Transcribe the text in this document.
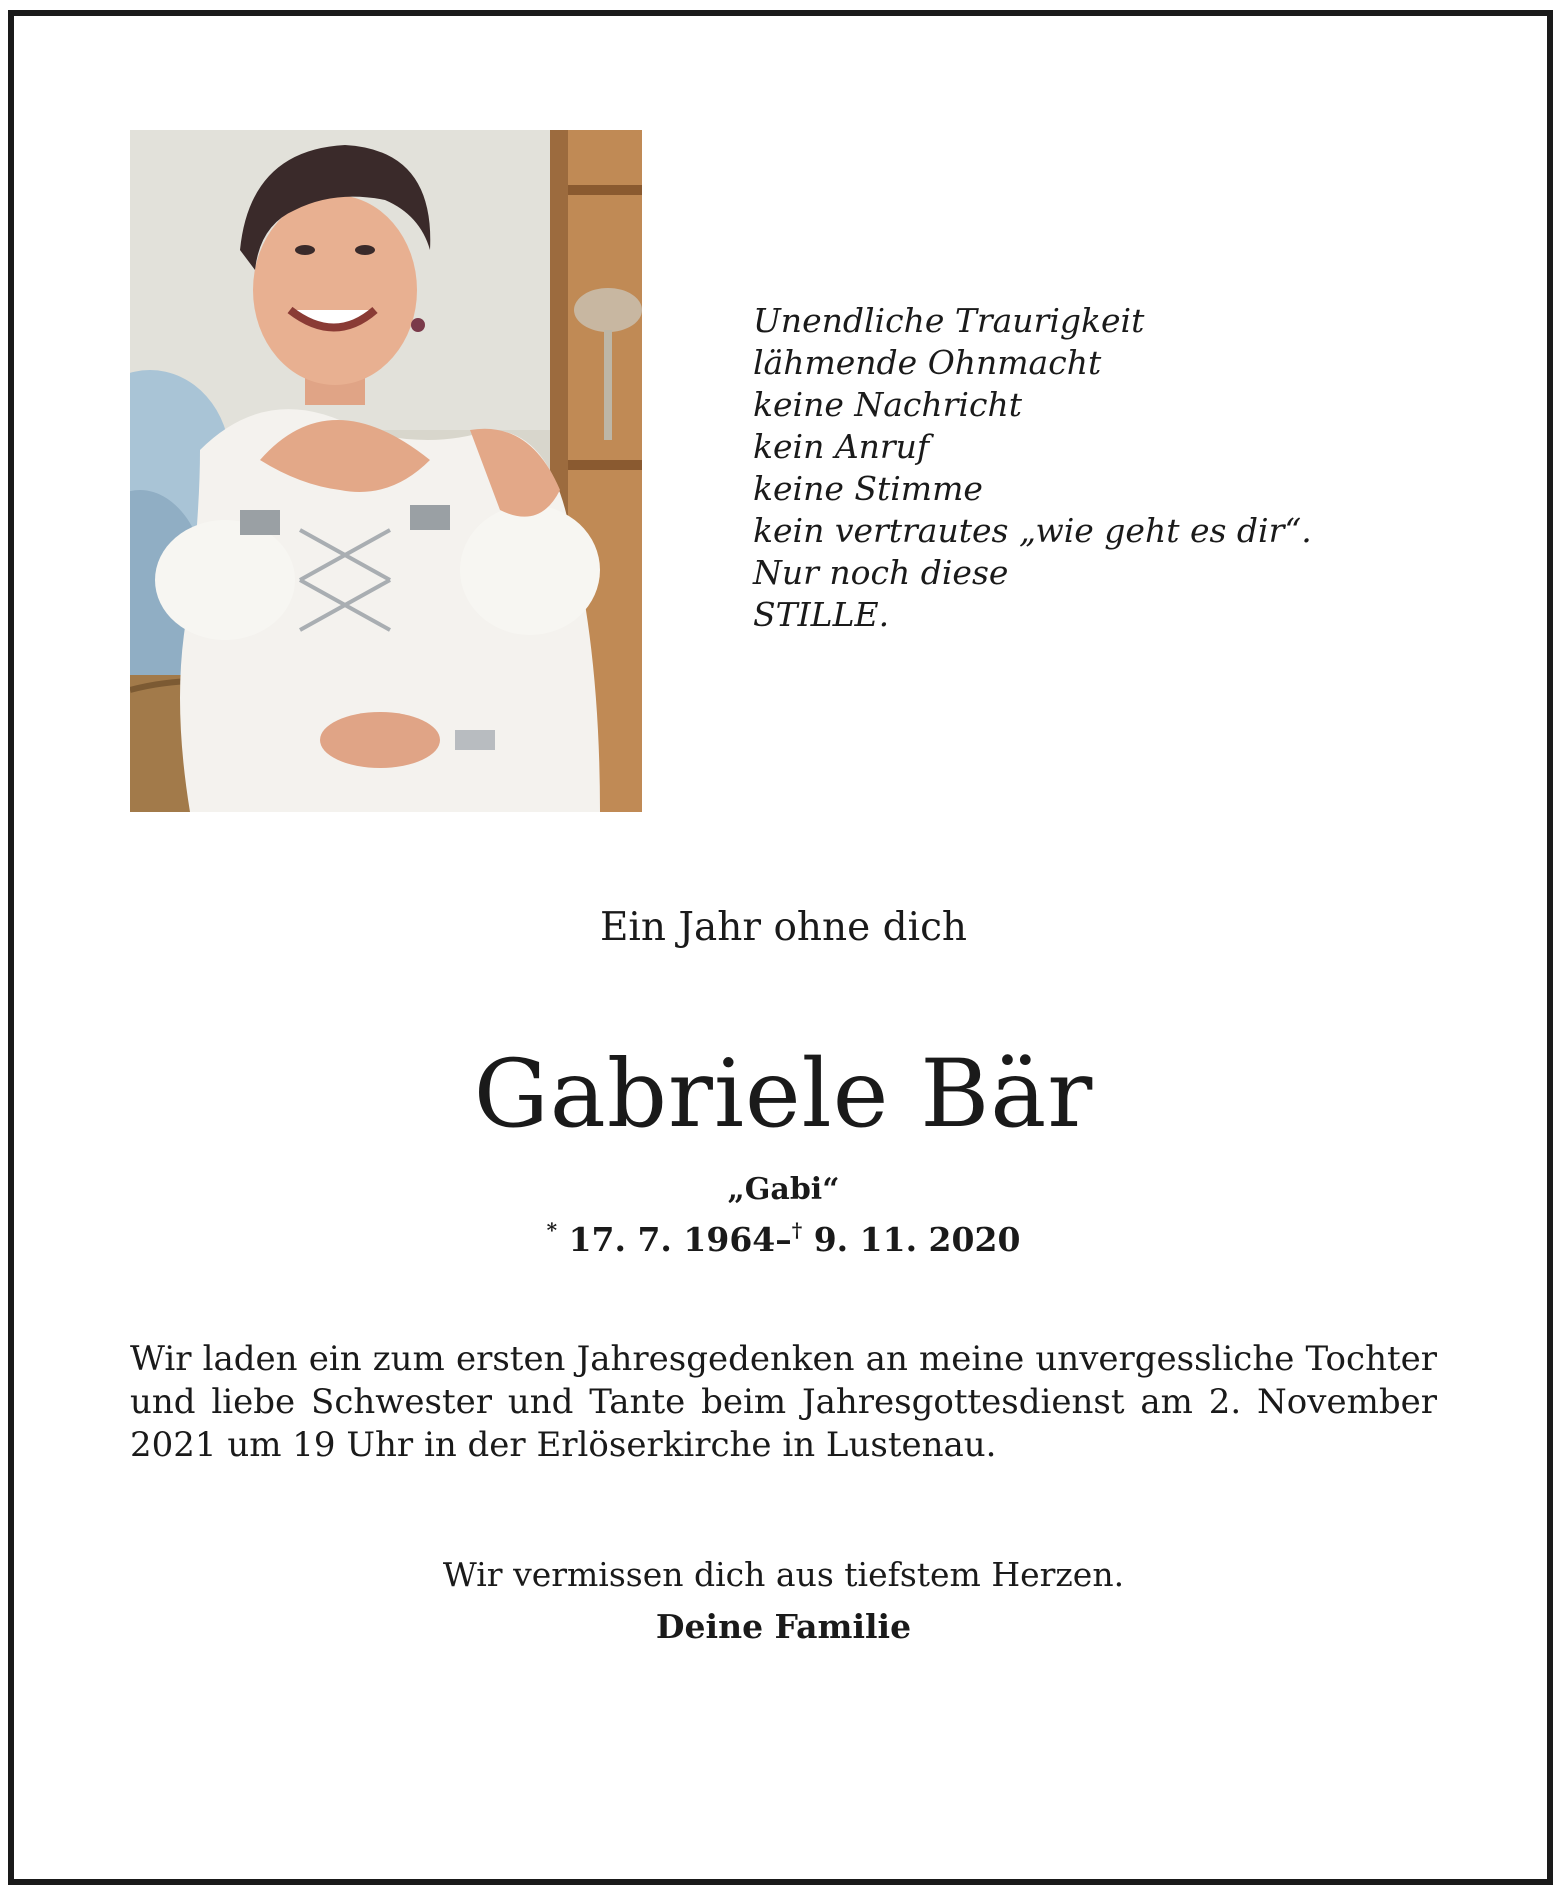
Unendliche Traurigkeit
lähmende Ohnmacht
keine Nachricht
kein Anruf
keine Stimme
kein vertrautes „wie geht es dir“.
Nur noch diese
STILLE.
Ein Jahr ohne dich
Gabriele Bär
„Gabi“
* 17. 7. 1964–† 9. 11. 2020
Wir laden ein zum ersten Jahresgedenken an meine unvergessliche Tochter und liebe Schwester und Tante beim Jahresgottesdienst am 2. November 2021 um 19 Uhr in der Erlöserkirche in Lustenau.
Wir vermissen dich aus tiefstem Herzen.
Deine Familie
